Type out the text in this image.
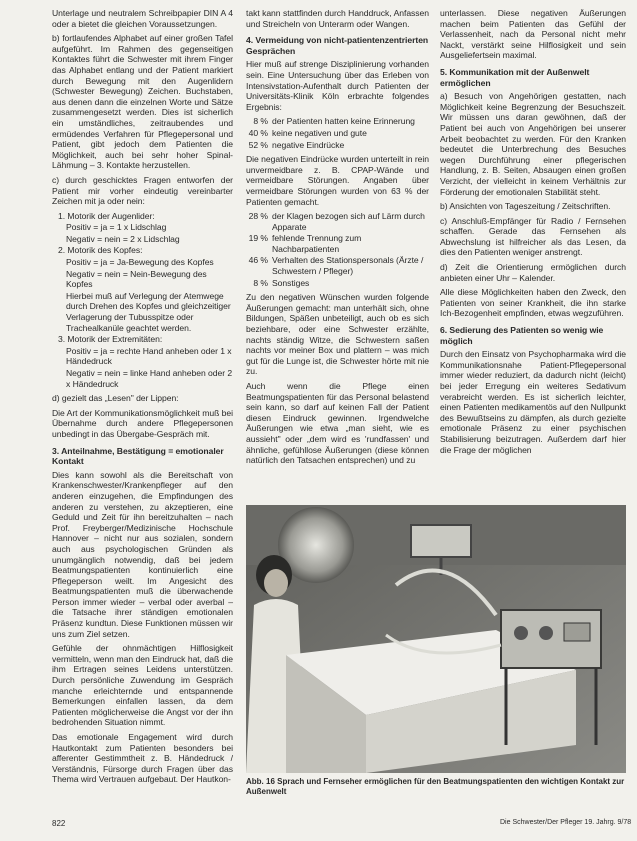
Unterlage und neutralem Schreibpapier DIN A 4 oder a bietet die gleichen Voraussetzungen.

b) fortlaufendes Alphabet auf einer großen Tafel aufgeführt. Im Rahmen des gegenseitigen Kontaktes führt die Schwester mit ihrem Finger das Alphabet entlang und der Patient markiert durch Bewegung mit den Augenlidern (Schwester Bewegung) Zeichen. Buchstaben, aus denen dann die einzelnen Worte und Sätze zusammengesetzt werden. Dies ist sicherlich ein umständliches, zeitraubendes und ermüdendes Verfahren für Pflegepersonal und Patient, gibt jedoch dem Patienten die Möglichkeit, auch bei sehr hoher Spinal-Lähmung – 3. Kontakte herzustellen.

c) durch geschicktes Fragen entworfen der Patient mir vorher eindeutig vereinbarter Zeichen mit ja oder nein:

1. Motorik der Augenlider:
Positiv = ja = 1 x Lidschlag
Negativ = nein = 2 x Lidschlag
2. Motorik des Kopfes:
Positiv = ja = Ja-Bewegung des Kopfes
Negativ = nein = Nein-Bewegung des Kopfes
Hierbei muß auf Verlegung der Atemwege durch Drehen des Kopfes und gleichzeitiger Verlagerung der Tubusspitze oder Trachealkanüle geachtet werden.
3. Motorik der Extremitäten:
Positiv = ja = rechte Hand anheben oder 1 x Händedruck
Negativ = nein = linke Hand anheben oder 2 x Händedruck

d) gezielt das „Lesen" der Lippen:

Die Art der Kommunikationsmöglichkeit muß bei Übernahme durch andere Pflegepersonen unbedingt in das Übergabe-Gespräch mit.

3. Anteilnahme, Bestätigung = emotionaler Kontakt

Dies kann sowohl als die Bereitschaft von Krankenschwester/Krankenpfleger auf den anderen einzugehen, die Empfindungen des anderen zu verstehen, zu akzeptieren, eine Geduld und Zeit für ihn bereitzuhalten – nach Prof. Freyberger/Medizinische Hochschule Hannover – nicht nur aus sozialen, sondern auch aus psychologischen Gründen als unumgänglich notwendig, daß bei jedem Beatmungspatienten kontinuierlich eine Pflegeperson weilt. Im Angesicht des Beatmungspatienten muß die überwachende Person immer wieder – verbal oder averbal – die Tatsache ihrer ständigen emotionalen Präsenz kundtun. Diese Funktionen müssen wir uns zum Ziel setzen.

Gefühle der ohnmächtigen Hilflosigkeit vermitteln, wenn man den Eindruck hat, daß die ihm Ertragen seines Leidens unterstützen. Durch persönliche Zuwendung im Gespräch manche erleichternde und entspannende Bemerkungen einfallen lassen, da dem Patienten möglicherweise die Angst vor der ihn bedrohenden Situation nimmt.

Das emotionale Engagement wird durch Hautkontakt zum Patienten besonders bei afferenter Gestimmtheit z. B. Händedruck / Verständnis, Fürsorge durch Fragen über das Thema wird Vertrauen aufgebaut. Der Hautkon-

takt kann stattfinden durch Handdruck, Anfassen und Streicheln von Unterarm oder Wangen.

4. Vermeidung von nicht-patientenzentrierten Gesprächen

Hier muß auf strenge Disziplinierung vorhanden sein. Eine Untersuchung über das Erleben von Intensivstation-Aufenthalt durch Patienten der Universitäts-Klinik Köln erbrachte folgendes Ergebnis:

8 % der Patienten hatten keine Erinnerung
40 % keine negativen und gute
52 % negative Eindrücke

Die negativen Eindrücke wurden unterteilt in rein unvermeidbare z. B. CPAP-Wände und vermeidbare Störungen. Angaben über vermeidbare Störungen wurden von 63 % der Patienten gemacht.

28 % der Klagen bezogen sich auf Lärm durch Apparate
19 % fehlende Trennung zum Nachbarpatienten
46 % Verhalten des Stationspersonals (Ärzte / Schwestern / Pfleger)
8 % Sonstiges

Zu den negativen Wünschen wurden folgende Äußerungen gemacht: man unterhält sich, ohne Bildungen, Späßen unbeteiligt, auch ob es sich beziehbare, oder eine Schwester erzählte, nachts ständig Witze, die Schwestern saßen nachts vor meiner Box und plattern – was mich gut für die Lunge ist, die Schwester hörte mit nie zu.

Auch wenn die Pflege einen Beatmungspatienten für das Personal belastend sein kann, so darf auf keinen Fall der Patient diesen Eindruck gewinnen. Irgendwelche Äußerungen wie etwa „man sieht, wie es aussieht" oder „dem wird es 'rundfassen' und ähnliche, gefühllose Äußerungen (diese können natürlich den Tatsachen entsprechen) und zu

unterlassen. Diese negativen Äußerungen machen beim Patienten das Gefühl der Verlassenheit, nach da Personal nicht mehr Nackt, verstärkt seine Hilflosigkeit und sein Ausgeliefertsein maximal.

5. Kommunikation mit der Außenwelt ermöglichen

a) Besuch von Angehörigen gestatten, nach Möglichkeit keine Begrenzung der Besuchszeit. Wir müssen uns daran gewöhnen, daß der Patient bei auch von Angehörigen bei unserer Arbeit beobachtet zu werden. Für den Kranken bedeutet die Unterbrechung des Besuches wegen Durchführung einer pflegerischen Handlung, z. B. Seiten, Absaugen einen großen Verzicht, der vielleicht in keinem Verhältnis zur Förderung der emotionalen Stabilität steht.

b) Ansichten von Tageszeitung / Zeitschriften.

c) Anschluß-Empfänger für Radio / Fernsehen schaffen. Gerade das Fernsehen als Abwechslung ist hilfreicher als das Lesen, da dies den Patienten weniger anstrengt.

d) Zeit die Orientierung ermöglichen durch anbieten einer Uhr – Kalender.

Alle diese Möglichkeiten haben den Zweck, den Patienten von seiner Krankheit, die ihn starke Ich-Bezogenheit empfinden, etwas wegzuführen.

6. Sedierung des Patienten so wenig wie möglich

Durch den Einsatz von Psychopharmaka wird die Kommunikationsnahe Patient-Pflegepersonal immer wieder reduziert, da dadurch nicht (leicht) bei jeder Erregung ein weiteres Sedativum verabreicht werden. Es ist sicherlich leichter, einen Patienten medikamentös auf den Nullpunkt des Bewußtseins zu dämpfen, als durch gezielte emotionale Präsenz zu einer psychischen Stabilisierung beizutragen. Außerdem darf hier die Frage der möglichen

Abb. 16 Sprach und Fernseher ermöglichen für den Beatmungspatienten den wichtigen Kontakt zur Außenwelt
822	Die Schwester/Der Pfleger 19. Jahrg. 9/78
